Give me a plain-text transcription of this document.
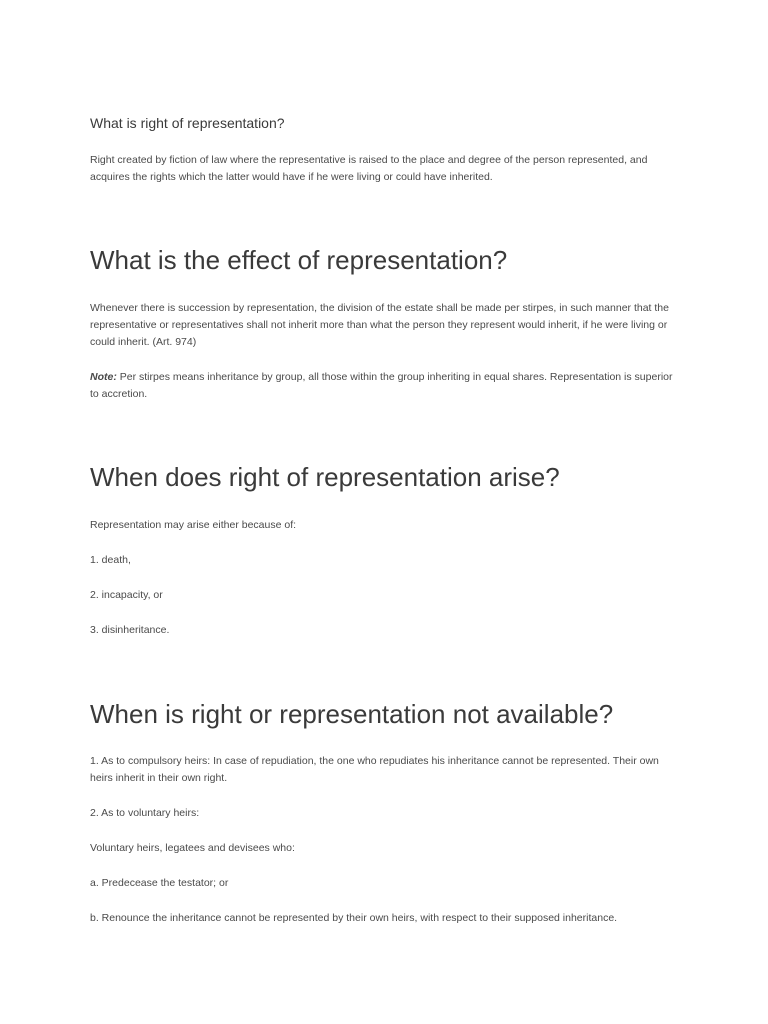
What is right of representation?
Right created by fiction of law where the representative is raised to the place and degree of the person represented, and acquires the rights which the latter would have if he were living or could have inherited.
What is the effect of representation?
Whenever there is succession by representation, the division of the estate shall be made per stirpes, in such manner that the representative or representatives shall not inherit more than what the person they represent would inherit, if he were living or could inherit. (Art. 974)
Note: Per stirpes means inheritance by group, all those within the group inheriting in equal shares. Representation is superior to accretion.
When does right of representation arise?
Representation may arise either because of:
1. death,
2. incapacity, or
3. disinheritance.
When is right or representation not available?
1. As to compulsory heirs: In case of repudiation, the one who repudiates his inheritance cannot be represented. Their own heirs inherit in their own right.
2. As to voluntary heirs:
Voluntary heirs, legatees and devisees who:
a. Predecease the testator; or
b. Renounce the inheritance cannot be represented by their own heirs, with respect to their supposed inheritance.
